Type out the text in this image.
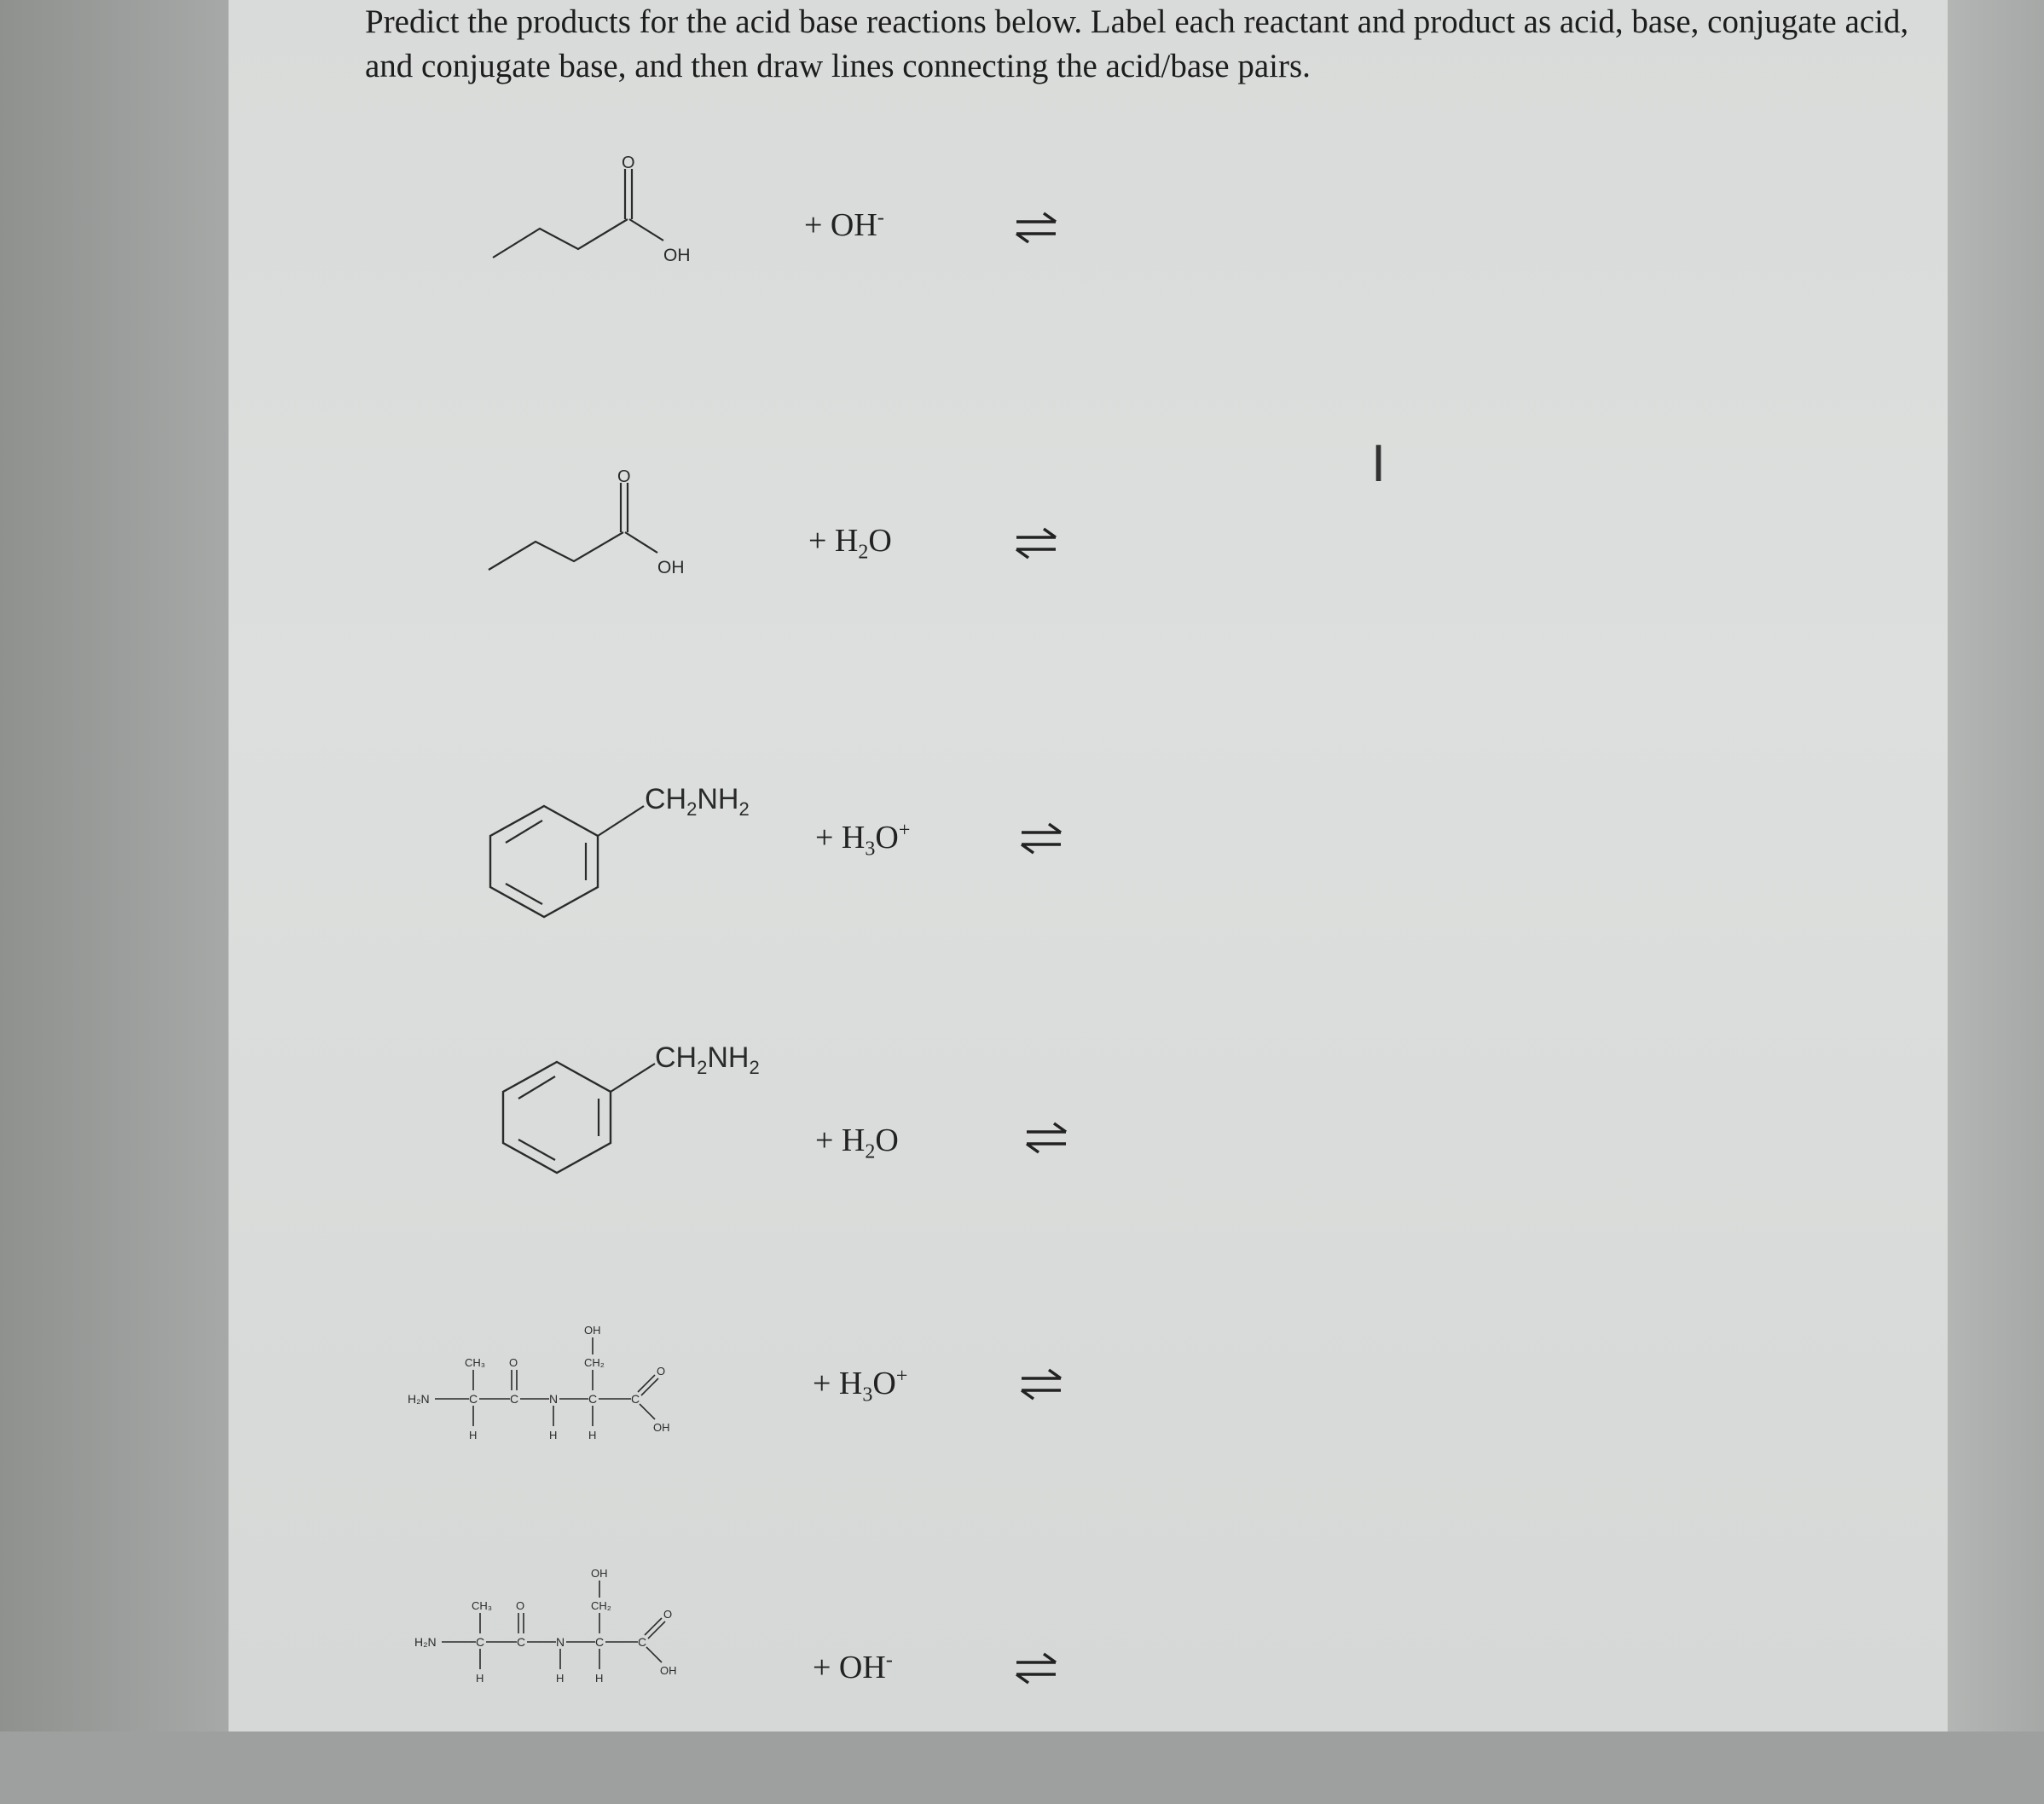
Predict the products for the acid base reactions below. Label each reactant and product as acid, base, conjugate acid, and conjugate base, and then draw lines connecting the acid/base pairs.

O
OH
+ OH-
O
OH
+ $H_2O$
$CH_2NH_2$
+ $H_3O^+$
$CH_2NH_2$
+ $H_2O$
H₂N	C
CH₃
H
C
O
N
H
C
CH₂
OH
H
C
O
OH
+ $H_3O^+$
H₂N	C
CH₃
H
C
O
N
H
C
CH₂
OH
H
C
O
OH	+ OH-
I
